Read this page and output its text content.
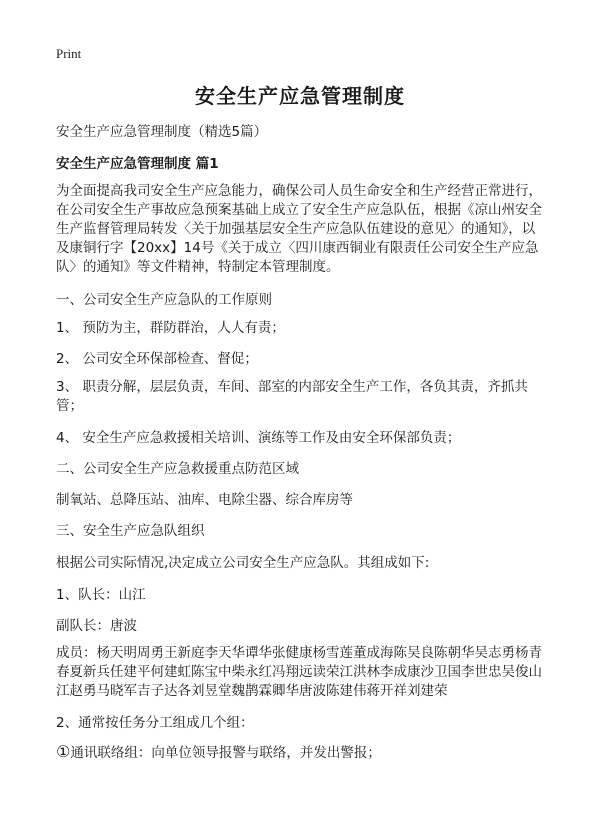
Print
安全生产应急管理制度
安全生产应急管理制度（精选5篇）
安全生产应急管理制度 篇1
为全面提高我司安全生产应急能力，确保公司人员生命安全和生产经营正常进行，在公司安全生产事故应急预案基础上成立了安全生产应急队伍，根据《凉山州安全生产监督管理局转发〈关于加强基层安全生产应急队伍建设的意见〉的通知》，以及康铜行字【20xx】14号《关于成立〈四川康西铜业有限责任公司安全生产应急队〉的通知》等文件精神，特制定本管理制度。
一、公司安全生产应急队的工作原则
1、 预防为主，群防群治，人人有责；
2、 公司安全环保部检查、督促；
3、 职责分解，层层负责，车间、部室的内部安全生产工作，各负其责，齐抓共管；
4、 安全生产应急救援相关培训、演练等工作及由安全环保部负责；
二、公司安全生产应急救援重点防范区域
制氧站、总降压站、油库、电除尘器、综合库房等
三、安全生产应急队组织
根据公司实际情况,决定成立公司安全生产应急队。其组成如下:
1、队长：山江
副队长：唐波
成员：杨天明周勇王新庭李天华谭华张健康杨雪莲董成海陈吴良陈朝华吴志勇杨青春夏新兵任建平何建虹陈宝中柴永红冯翔远读荣江洪林李成康沙卫国李世忠吴俊山江赵勇马晓军吉子达各刘昱堂魏鹊霖卿华唐波陈建伟蒋开祥刘建荣
2、通常按任务分工组成几个组：
①通讯联络组：向单位领导报警与联络，并发出警报；
